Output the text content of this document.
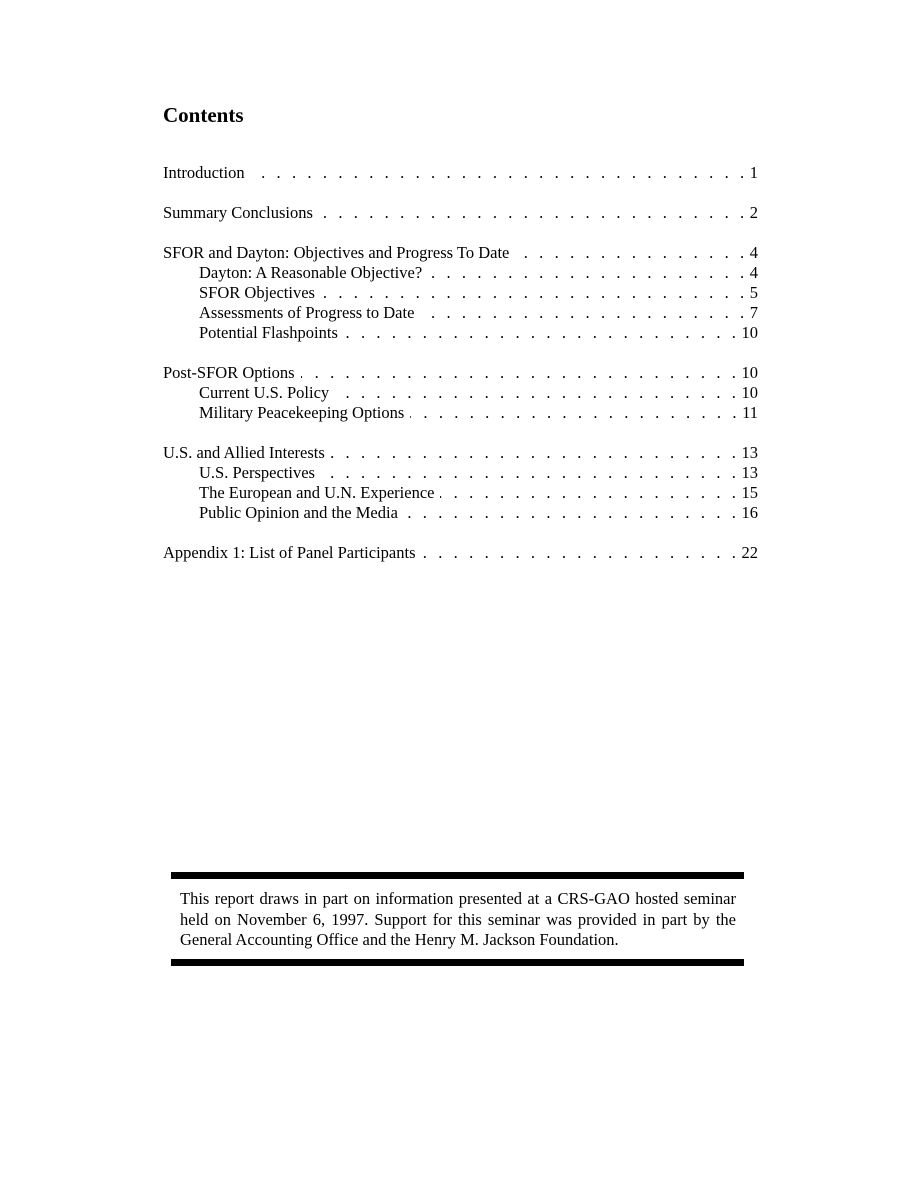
Contents
Introduction . . .	1
Summary Conclusions . . .	2
SFOR and Dayton: Objectives and Progress To Date . . .	4
Dayton: A Reasonable Objective? . . .	4
SFOR Objectives . . .	5
Assessments of Progress to Date . . .	7
Potential Flashpoints . . .	10
Post-SFOR Options . . .	10
Current U.S. Policy . . .	10
Military Peacekeeping Options . . .	11
U.S. and Allied Interests . . .	13
U.S. Perspectives . . .	13
The European and U.N. Experience . . .	15
Public Opinion and the Media . . .	16
Appendix 1: List of Panel Participants . . .	22

This report draws in part on information presented at a CRS-GAO hosted seminar held on November 6, 1997. Support for this seminar was provided in part by the General Accounting Office and the Henry M. Jackson Foundation.
